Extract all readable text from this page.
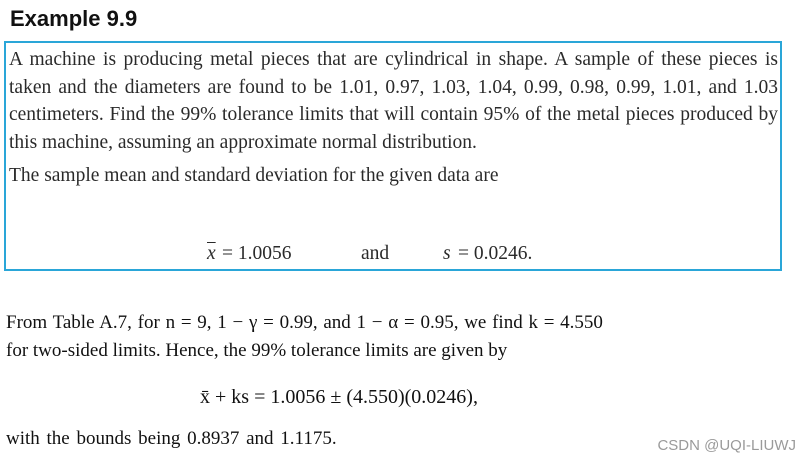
Example 9.9

A machine is producing metal pieces that are cylindrical in shape. A sample of these pieces is taken and the diameters are found to be 1.01, 0.97, 1.03, 1.04, 0.99, 0.98, 0.99, 1.01, and 1.03 centimeters. Find the 99% tolerance limits that will contain 95% of the metal pieces produced by this machine, assuming an approximate normal distribution.

The sample mean and standard deviation for the given data are

$\overline{x} = 1.0056$	and	s = 0.0246.

From Table A.7, for n = 9, 1 − γ = 0.99, and 1 − α = 0.95, we find k = 4.550

for two-sided limits. Hence, the 99% tolerance limits are given by

x̄ + ks = 1.0056 ± (4.550)(0.0246),

with the bounds being 0.8937 and 1.1175.	CSDN @UQI-LIUWJ
